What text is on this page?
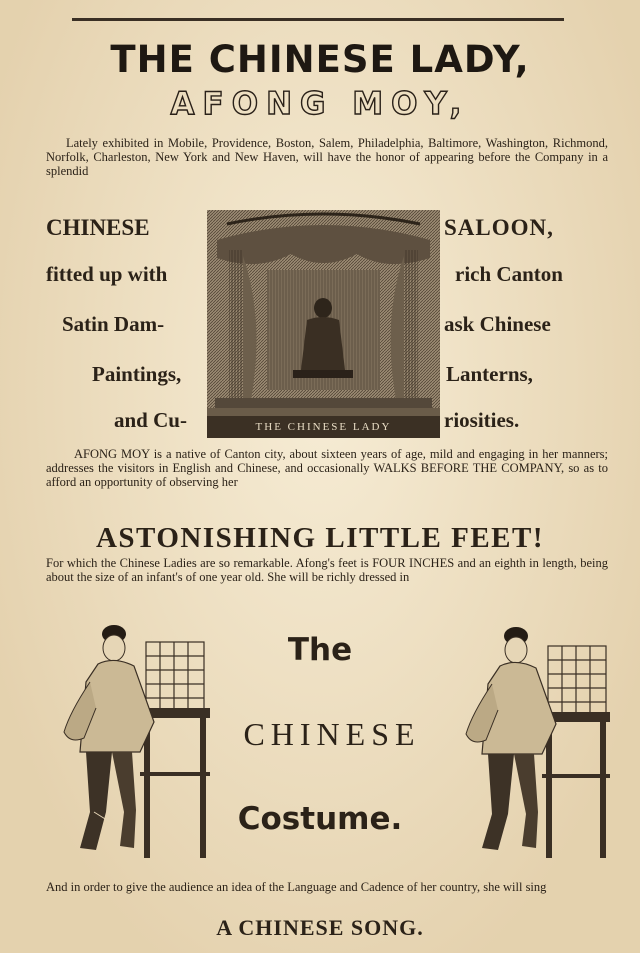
THE CHINESE LADY,
AFONG MOY,
Lately exhibited in Mobile, Providence, Boston, Salem, Philadelphia, Baltimore, Washington, Richmond, Norfolk, Charleston, New York and New Haven, will have the honor of appearing before the Company in a splendid
CHINESE
fitted up with
Satin Dam-
Paintings,
and Cu-
SALOON,
rich Canton
ask Chinese
Lanterns,
riosities.
THE CHINESE LADY
AFONG MOY is a native of Canton city, about sixteen years of age, mild and engaging in her manners; addresses the visitors in English and Chinese, and occasionally WALKS BEFORE THE COMPANY, so as to afford an opportunity of observing her
ASTONISHING LITTLE FEET!
For which the Chinese Ladies are so remarkable. Afong's feet is FOUR INCHES and an eighth in length, being about the size of an infant's of one year old. She will be richly dressed in
The
CHINESE
Costume.
And in order to give the audience an idea of the Language and Cadence of her country, she will sing
A CHINESE SONG.
